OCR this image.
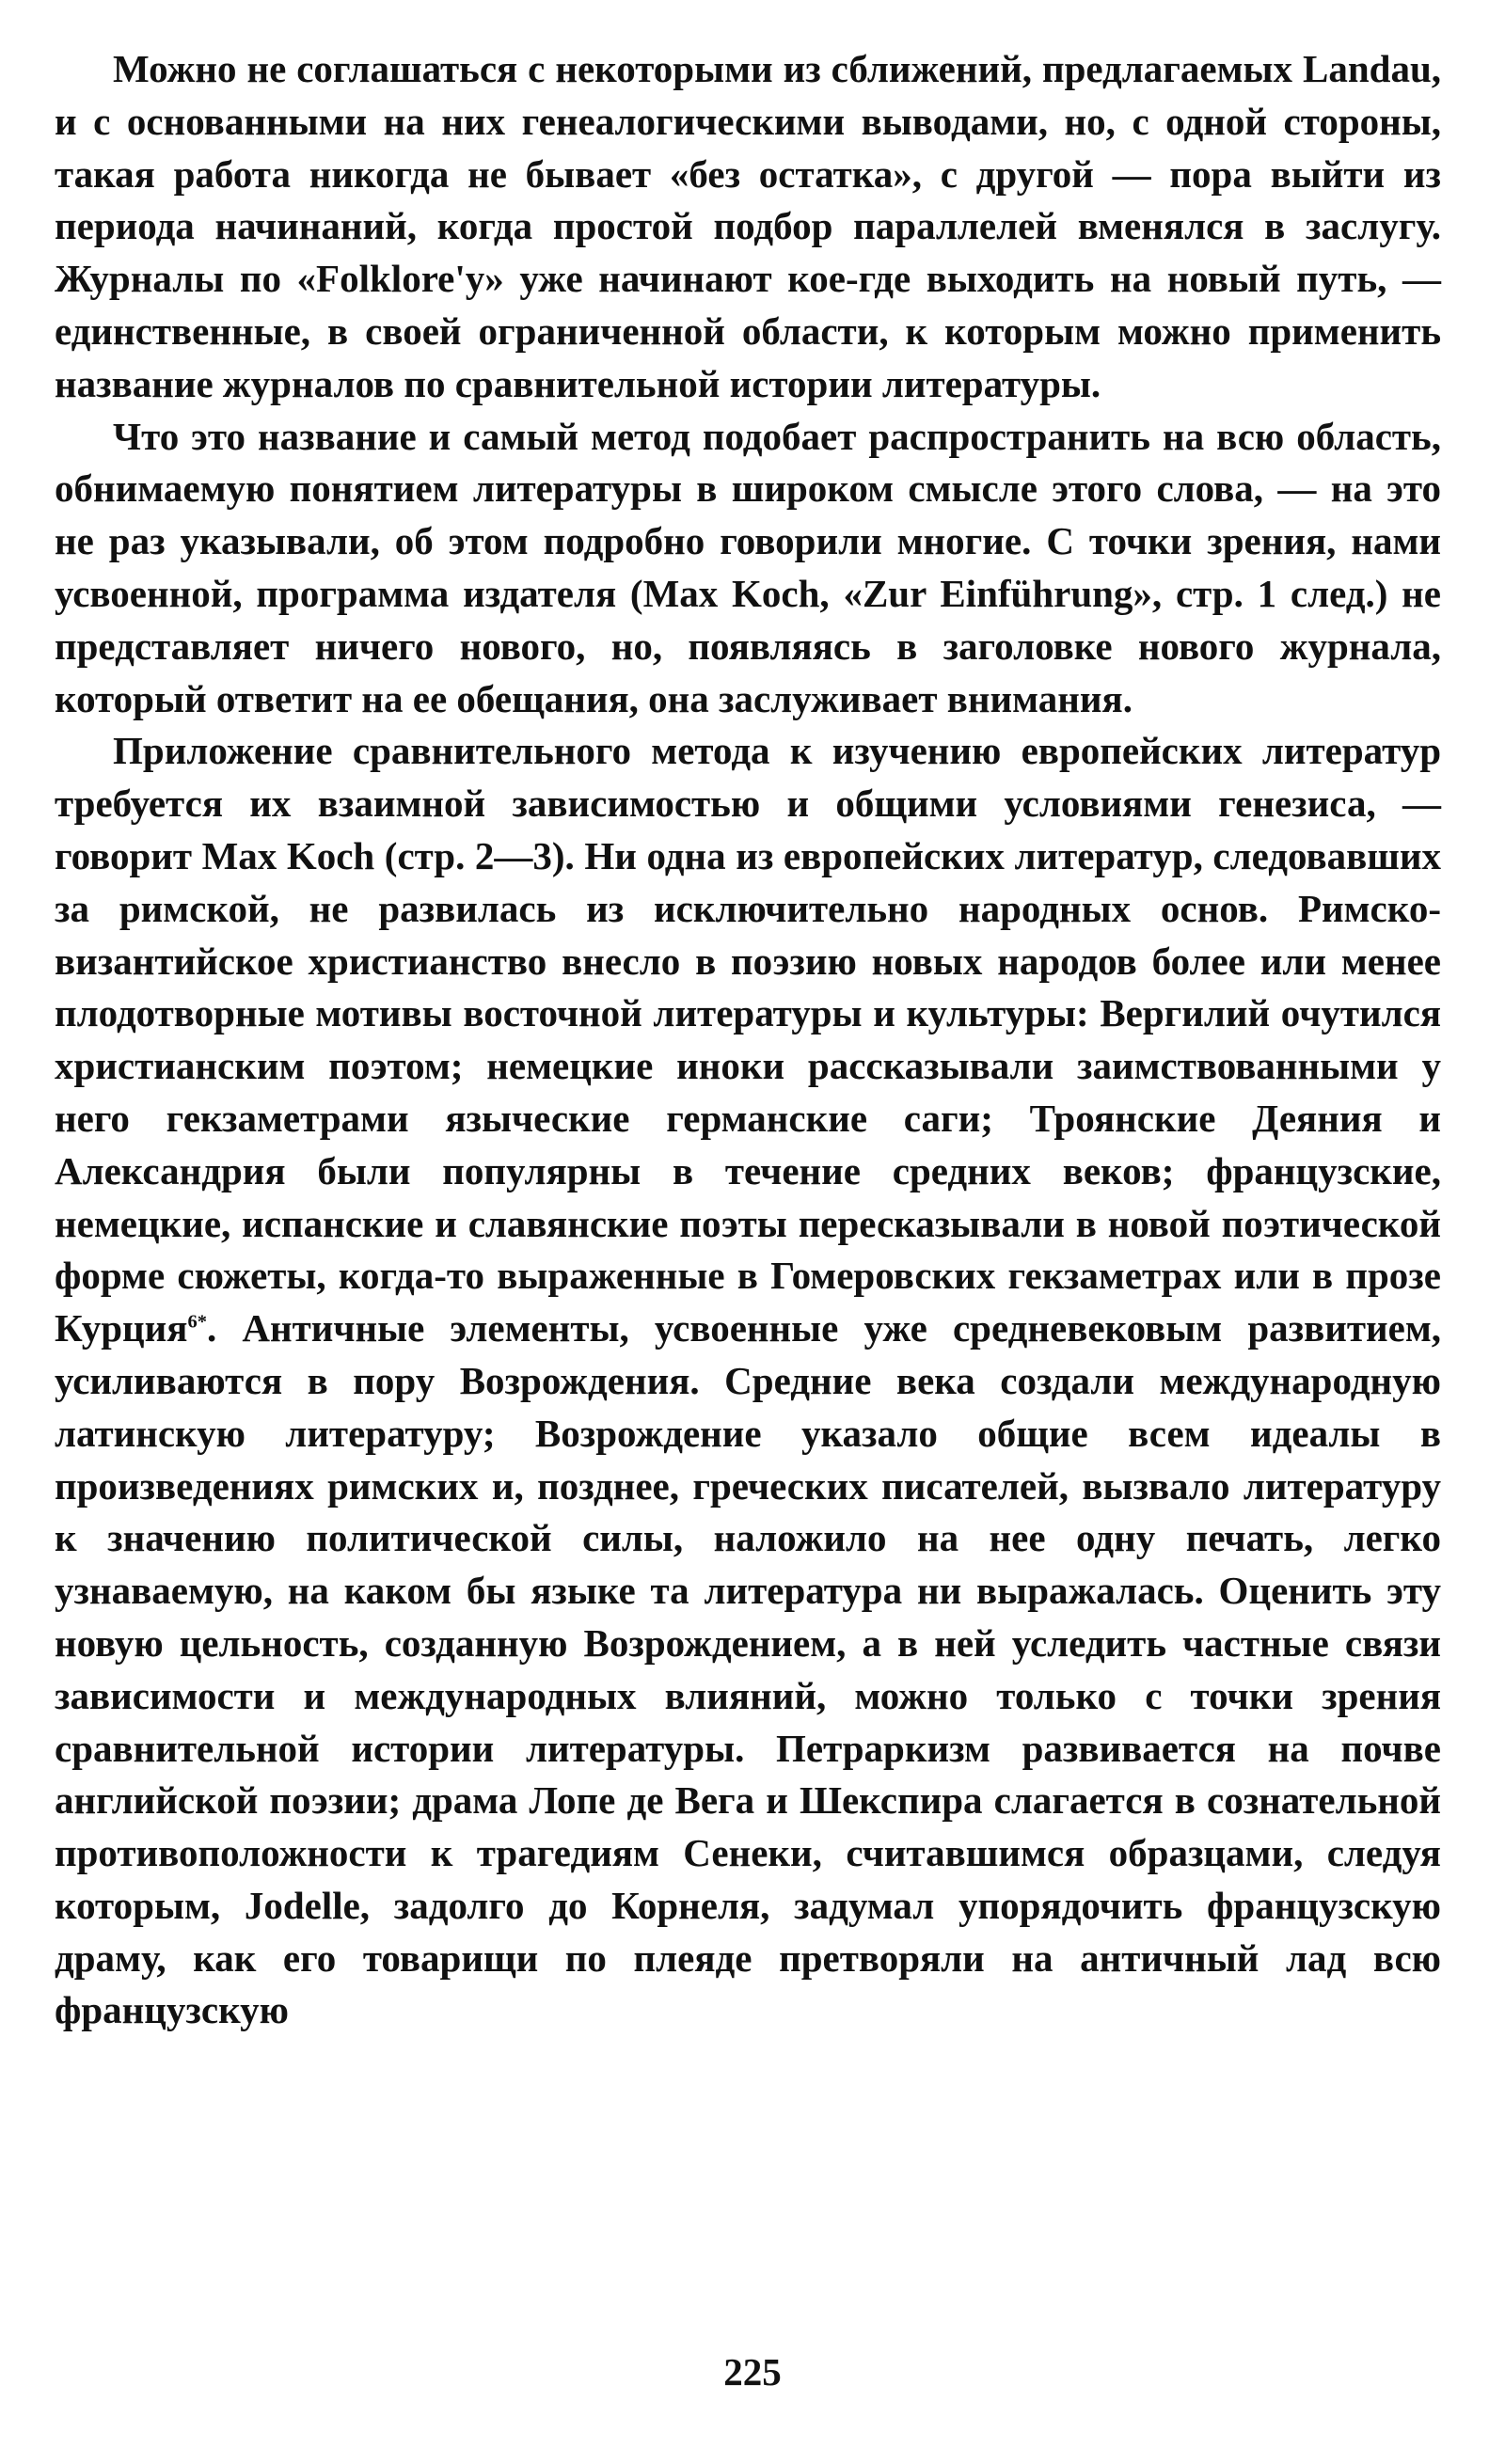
Можно не соглашаться с некоторыми из сближений, предлагаемых Landau, и с основанными на них генеалогическими выводами, но, с одной стороны, такая работа никогда не бывает «без остатка», с другой — пора выйти из периода начинаний, когда простой подбор параллелей вменялся в заслугу. Журналы по «Folklore'y» уже начинают кое-где выходить на новый путь, — единственные, в своей ограниченной области, к которым можно применить название журналов по сравнительной истории литературы.

Что это название и самый метод подобает распространить на всю область, обнимаемую понятием литературы в широком смысле этого слова, — на это не раз указывали, об этом подробно говорили многие. С точки зрения, нами усвоенной, программа издателя (Max Koch, «Zur Einführung», стр. 1 след.) не представляет ничего нового, но, появляясь в заголовке нового журнала, который ответит на ее обещания, она заслуживает внимания.

Приложение сравнительного метода к изучению европейских литератур требуется их взаимной зависимостью и общими условиями генезиса, — говорит Max Koch (стр. 2—3). Ни одна из европейских литератур, следовавших за римской, не развилась из исключительно народных основ. Римско-византийское христианство внесло в поэзию новых народов более или менее плодотворные мотивы восточной литературы и культуры: Вергилий очутился христианским поэтом; немецкие иноки рассказывали заимствованными у него гекзаметрами языческие германские саги; Троянские Деяния и Александрия были популярны в течение средних веков; французские, немецкие, испанские и славянские поэты пересказывали в новой поэтической форме сюжеты, когда-то выраженные в Гомеровских гекзаметрах или в прозе Курция$^{6*}$. Античные элементы, усвоенные уже средневековым развитием, усиливаются в пору Возрождения. Средние века создали международную латинскую литературу; Возрождение указало общие всем идеалы в произведениях римских и, позднее, греческих писателей, вызвало литературу к значению политической силы, наложило на нее одну печать, легко узнаваемую, на каком бы языке та литература ни выражалась. Оценить эту новую цельность, созданную Возрождением, а в ней уследить частные связи зависимости и международных влияний, можно только с точки зрения сравнительной истории литературы. Петраркизм развивается на почве английской поэзии; драма Лопе де Вега и Шекспира слагается в сознательной противоположности к трагедиям Сенеки, считавшимся образцами, следуя которым, Jodelle, задолго до Корнеля, задумал упорядочить французскую драму, как его товарищи по плеяде претворяли на античный лад всю французскую

225
